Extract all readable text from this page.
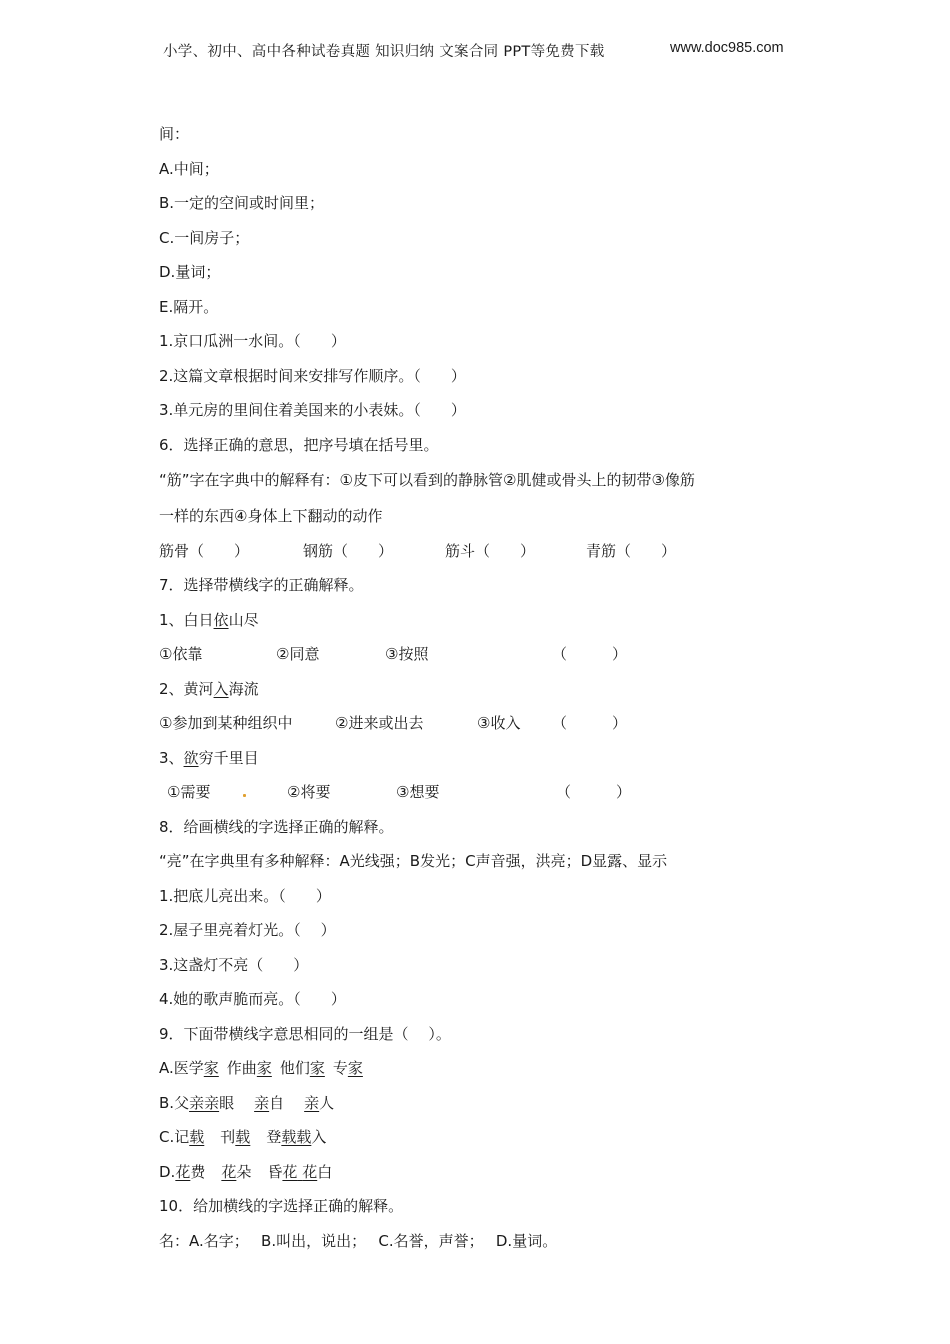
小学、初中、高中各种试卷真题 知识归纳 文案合同 PPT等免费下载	www.doc985.com
间：
A.中间；
B.一定的空间或时间里；
C.一间房子；
D.量词；
E.隔开。
1.京口瓜洲一水间。（　　）
2.这篇文章根据时间来安排写作顺序。（　　）
3.单元房的里间住着美国来的小表妹。（　　）
6．选择正确的意思，把序号填在括号里。
“筋”字在字典中的解释有：①皮下可以看到的静脉管②肌健或骨头上的韧带③像筋
一样的东西④身体上下翻动的动作
筋骨（　　）	钢筋（　　）	筋斗（　　）	青筋（　　）
7．选择带横线字的正确解释。
1、白日依山尽
①依靠	②同意	③按照	（　　　）
2、黄河入海流
①参加到某种组织中	②进来或出去	③收入 （　　　）
3、欲穷千里目
①需要	②将要	③想要	（　　　）
8．给画横线的字选择正确的解释。
“亮”在字典里有多种解释：A光线强；B发光；C声音强，洪亮；D显露、显示
1.把底儿亮出来。（　　）
2.屋子里亮着灯光。（　 ）
3.这盏灯不亮（　　）
4.她的歌声脆而亮。（　　）
9．下面带横线字意思相同的一组是（　 ）。
A.医学家 作曲家 他们家 专家
B.父亲亲眼 亲自 亲人
C.记载 刊载 登载载入
D.花费 花朵 昏花 花白
10．给加横线的字选择正确的解释。
名：A.名字；　 B.叫出，说出；　 C.名誉，声誉；　 D.量词。
